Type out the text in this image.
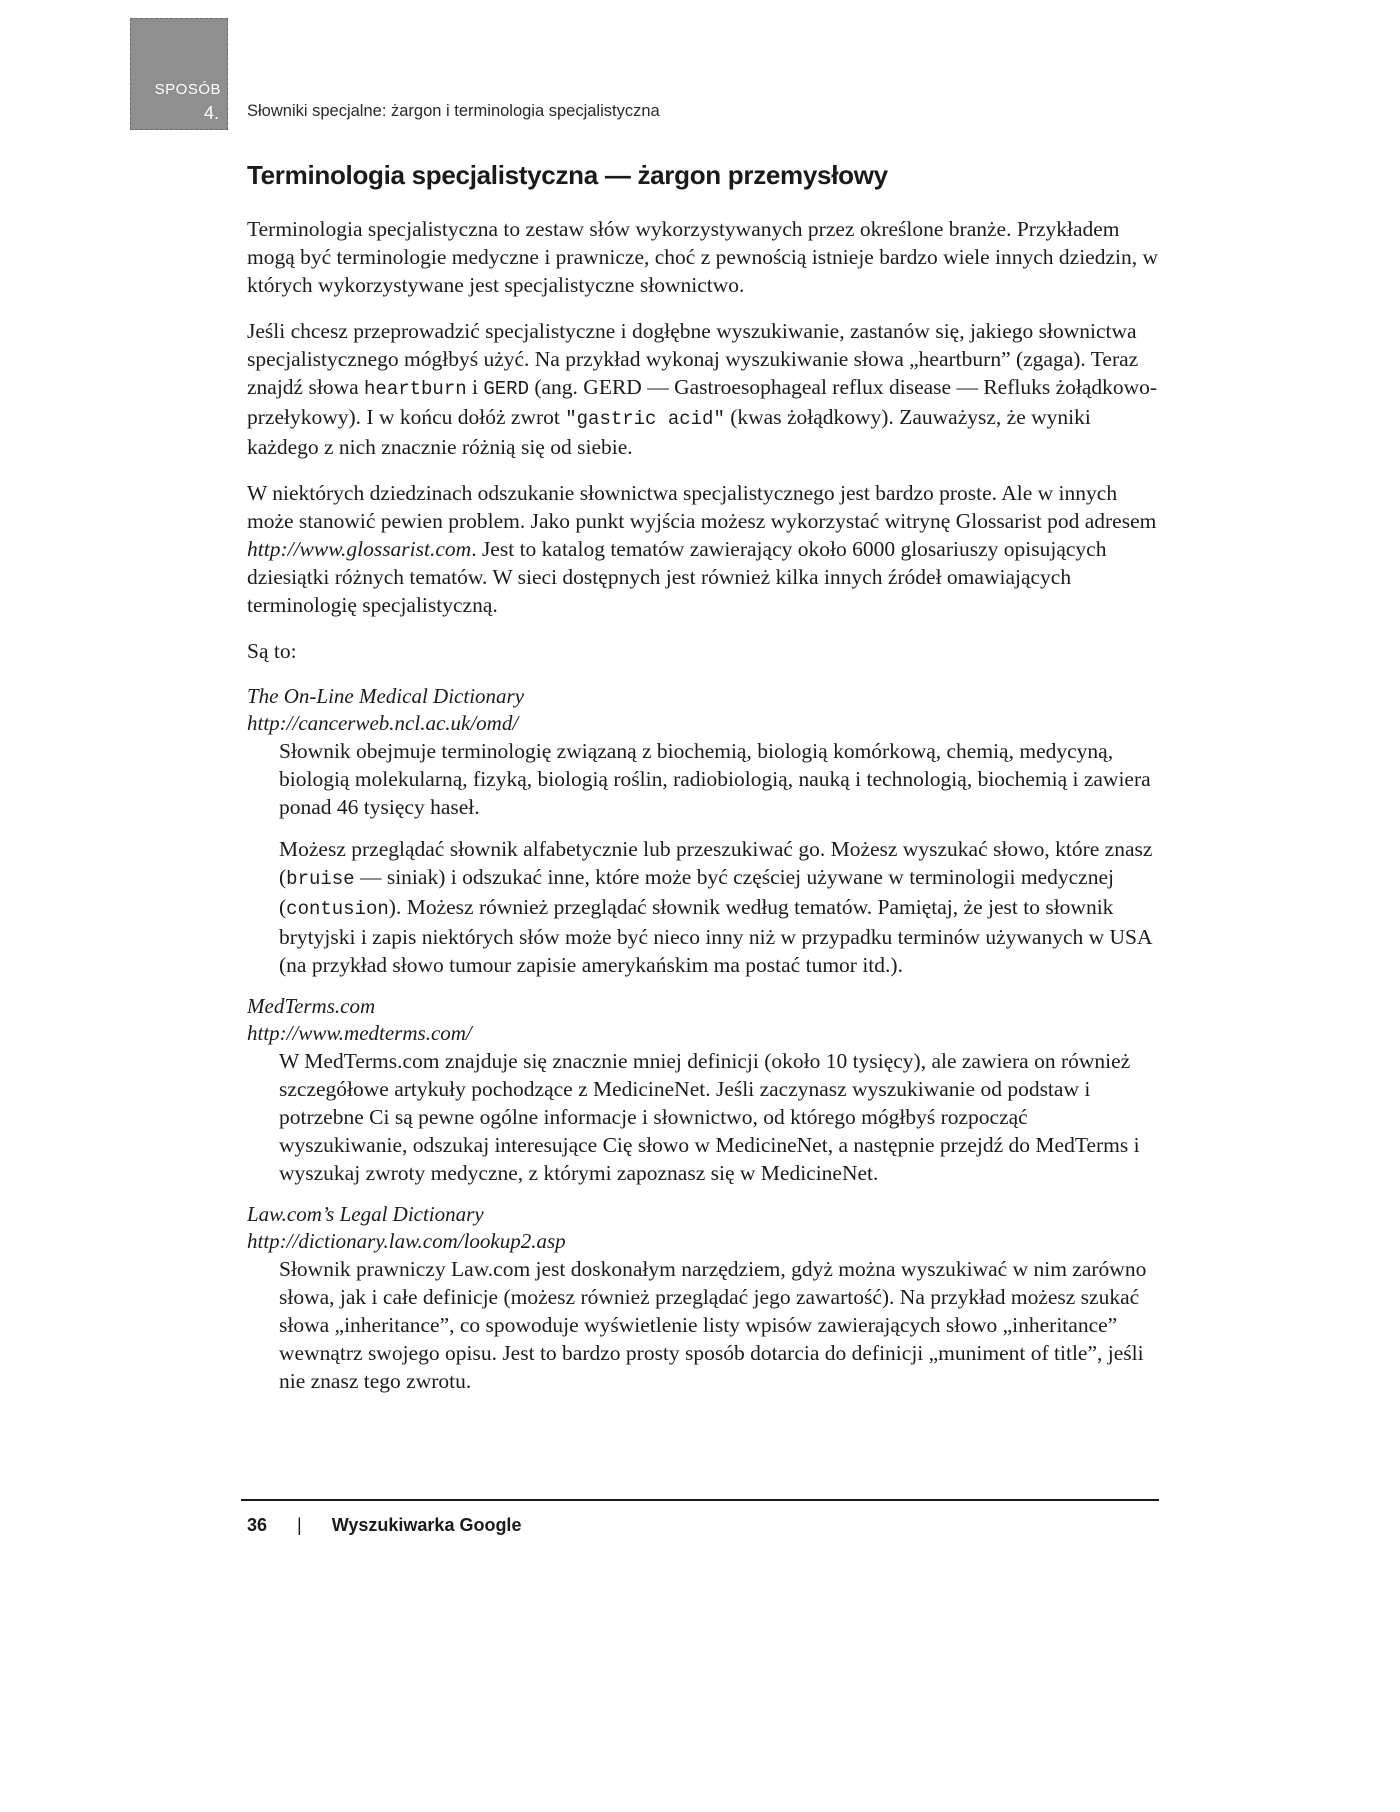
SPOSÓB
4. Słowniki specjalne: żargon i terminologia specjalistyczna
Terminologia specjalistyczna — żargon przemysłowy

Terminologia specjalistyczna to zestaw słów wykorzystywanych przez określone branże. Przykładem mogą być terminologie medyczne i prawnicze, choć z pewnością istnieje bardzo wiele innych dziedzin, w których wykorzystywane jest specjalistyczne słownictwo.

Jeśli chcesz przeprowadzić specjalistyczne i dogłębne wyszukiwanie, zastanów się, jakiego słownictwa specjalistycznego mógłbyś użyć. Na przykład wykonaj wyszukiwanie słowa „heartburn” (zgaga). Teraz znajdź słowa heartburn i GERD (ang. GERD — Gastroesophageal reflux disease — Refluks żołądkowo-przełykowy). I w końcu dołóż zwrot "gastric acid" (kwas żołądkowy). Zauważysz, że wyniki każdego z nich znacznie różnią się od siebie.

W niektórych dziedzinach odszukanie słownictwa specjalistycznego jest bardzo proste. Ale w innych może stanowić pewien problem. Jako punkt wyjścia możesz wykorzystać witrynę Glossarist pod adresem http://www.glossarist.com. Jest to katalog tematów zawierający około 6000 glosariuszy opisujących dziesiątki różnych tematów. W sieci dostępnych jest również kilka innych źródeł omawiających terminologię specjalistyczną.

Są to:

The On-Line Medical Dictionary
http://cancerweb.ncl.ac.uk/omd/

Słownik obejmuje terminologię związaną z biochemią, biologią komórkową, chemią, medycyną, biologią molekularną, fizyką, biologią roślin, radiobiologią, nauką i technologią, biochemią i zawiera ponad 46 tysięcy haseł.

Możesz przeglądać słownik alfabetycznie lub przeszukiwać go. Możesz wyszukać słowo, które znasz (bruise — siniak) i odszukać inne, które może być częściej używane w terminologii medycznej (contusion). Możesz również przeglądać słownik według tematów. Pamiętaj, że jest to słownik brytyjski i zapis niektórych słów może być nieco inny niż w przypadku terminów używanych w USA (na przykład słowo tumour zapisie amerykańskim ma postać tumor itd.).

MedTerms.com
http://www.medterms.com/

W MedTerms.com znajduje się znacznie mniej definicji (około 10 tysięcy), ale zawiera on również szczegółowe artykuły pochodzące z MedicineNet. Jeśli zaczynasz wyszukiwanie od podstaw i potrzebne Ci są pewne ogólne informacje i słownictwo, od którego mógłbyś rozpocząć wyszukiwanie, odszukaj interesujące Cię słowo w MedicineNet, a następnie przejdź do MedTerms i wyszukaj zwroty medyczne, z którymi zapoznasz się w MedicineNet.

Law.com’s Legal Dictionary
http://dictionary.law.com/lookup2.asp

Słownik prawniczy Law.com jest doskonałym narzędziem, gdyż można wyszukiwać w nim zarówno słowa, jak i całe definicje (możesz również przeglądać jego zawartość). Na przykład możesz szukać słowa „inheritance”, co spowoduje wyświetlenie listy wpisów zawierających słowo „inheritance” wewnątrz swojego opisu. Jest to bardzo prosty sposób dotarcia do definicji „muniment of title”, jeśli nie znasz tego zwrotu.

36 | Wyszukiwarka Google
